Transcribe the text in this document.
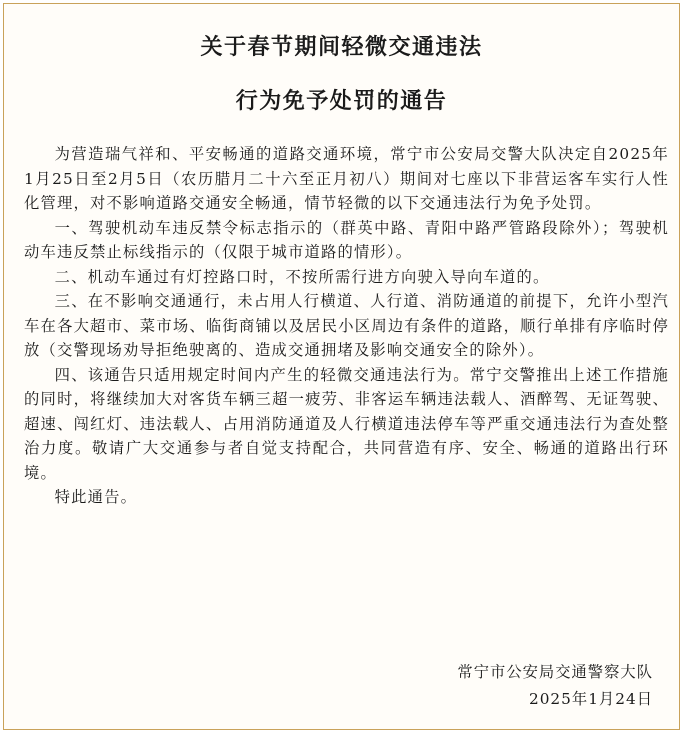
关于春节期间轻微交通违法
行为免予处罚的通告

为营造瑞气祥和、平安畅通的道路交通环境，常宁市公安局交警大队决定自2025年1月25日至2月5日（农历腊月二十六至正月初八）期间对七座以下非营运客车实行人性化管理，对不影响道路交通安全畅通，情节轻微的以下交通违法行为免予处罚。

一、驾驶机动车违反禁令标志指示的（群英中路、青阳中路严管路段除外）；驾驶机动车违反禁止标线指示的（仅限于城市道路的情形）。

二、机动车通过有灯控路口时，不按所需行进方向驶入导向车道的。

三、在不影响交通通行，未占用人行横道、人行道、消防通道的前提下，允许小型汽车在各大超市、菜市场、临街商铺以及居民小区周边有条件的道路，顺行单排有序临时停放（交警现场劝导拒绝驶离的、造成交通拥堵及影响交通安全的除外）。

四、该通告只适用规定时间内产生的轻微交通违法行为。常宁交警推出上述工作措施的同时，将继续加大对客货车辆三超一疲劳、非客运车辆违法载人、酒醉驾、无证驾驶、超速、闯红灯、违法载人、占用消防通道及人行横道违法停车等严重交通违法行为查处整治力度。敬请广大交通参与者自觉支持配合，共同营造有序、安全、畅通的道路出行环境。

特此通告。

常宁市公安局交通警察大队
2025年1月24日
